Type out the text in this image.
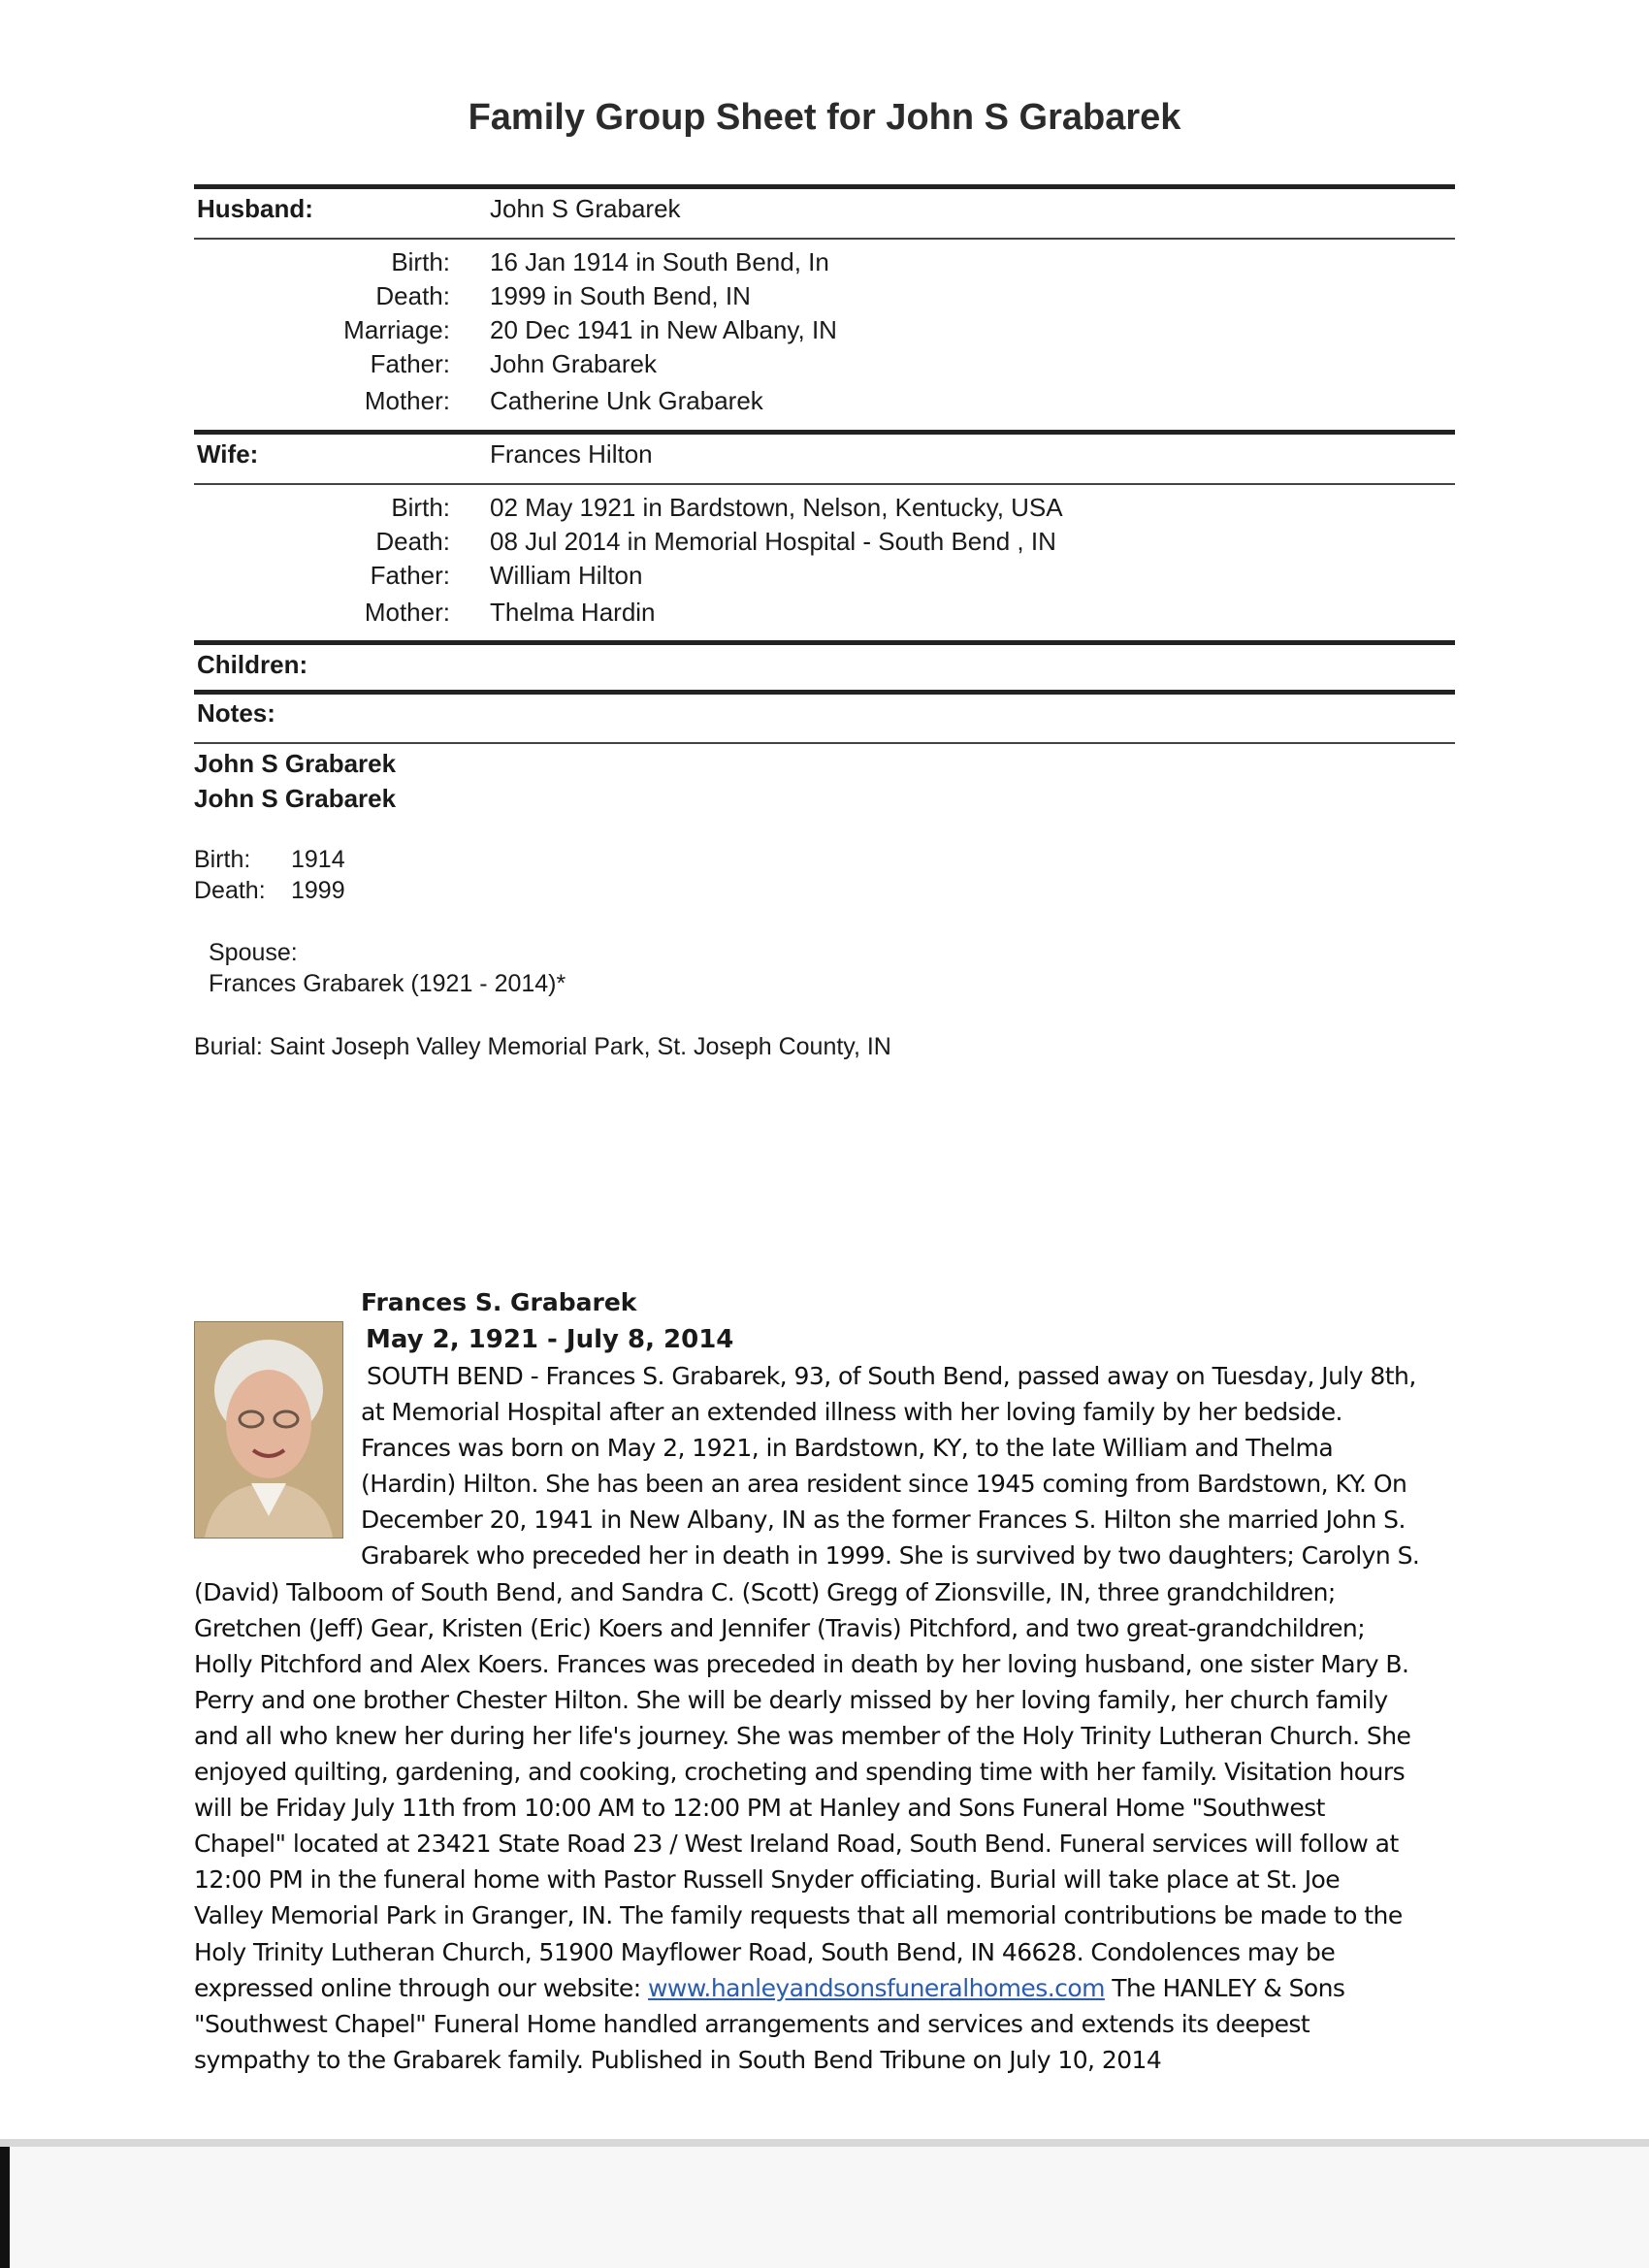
Family Group Sheet for John S Grabarek
Husband:	John S Grabarek
Birth: 16 Jan 1914 in South Bend, In
Death: 1999 in South Bend, IN
Marriage: 20 Dec 1941 in New Albany, IN
Father: John Grabarek
Mother: Catherine Unk Grabarek
Wife:	Frances Hilton
Birth: 02 May 1921 in Bardstown, Nelson, Kentucky, USA
Death: 08 Jul 2014 in Memorial Hospital - South Bend , IN
Father: William Hilton
Mother: Thelma Hardin
Children:
Notes:
John S Grabarek
John S Grabarek
Birth: 1914
Death: 1999
Spouse:
Frances Grabarek (1921 - 2014)*
Burial: Saint Joseph Valley Memorial Park, St. Joseph County, IN

Frances S. Grabarek
May 2, 1921 - July 8, 2014
SOUTH BEND - Frances S. Grabarek, 93, of South Bend, passed away on Tuesday, July 8th,
at Memorial Hospital after an extended illness with her loving family by her bedside.
Frances was born on May 2, 1921, in Bardstown, KY, to the late William and Thelma
(Hardin) Hilton. She has been an area resident since 1945 coming from Bardstown, KY. On
December 20, 1941 in New Albany, IN as the former Frances S. Hilton she married John S.
Grabarek who preceded her in death in 1999. She is survived by two daughters; Carolyn S.
(David) Talboom of South Bend, and Sandra C. (Scott) Gregg of Zionsville, IN, three grandchildren;
Gretchen (Jeff) Gear, Kristen (Eric) Koers and Jennifer (Travis) Pitchford, and two great-grandchildren;
Holly Pitchford and Alex Koers. Frances was preceded in death by her loving husband, one sister Mary B.
Perry and one brother Chester Hilton. She will be dearly missed by her loving family, her church family
and all who knew her during her life's journey. She was member of the Holy Trinity Lutheran Church. She
enjoyed quilting, gardening, and cooking, crocheting and spending time with her family. Visitation hours
will be Friday July 11th from 10:00 AM to 12:00 PM at Hanley and Sons Funeral Home "Southwest
Chapel" located at 23421 State Road 23 / West Ireland Road, South Bend. Funeral services will follow at
12:00 PM in the funeral home with Pastor Russell Snyder officiating. Burial will take place at St. Joe
Valley Memorial Park in Granger, IN. The family requests that all memorial contributions be made to the
Holy Trinity Lutheran Church, 51900 Mayflower Road, South Bend, IN 46628. Condolences may be
expressed online through our website: www.hanleyandsonsfuneralhomes.com The HANLEY & Sons
"Southwest Chapel" Funeral Home handled arrangements and services and extends its deepest
sympathy to the Grabarek family. Published in South Bend Tribune on July 10, 2014
